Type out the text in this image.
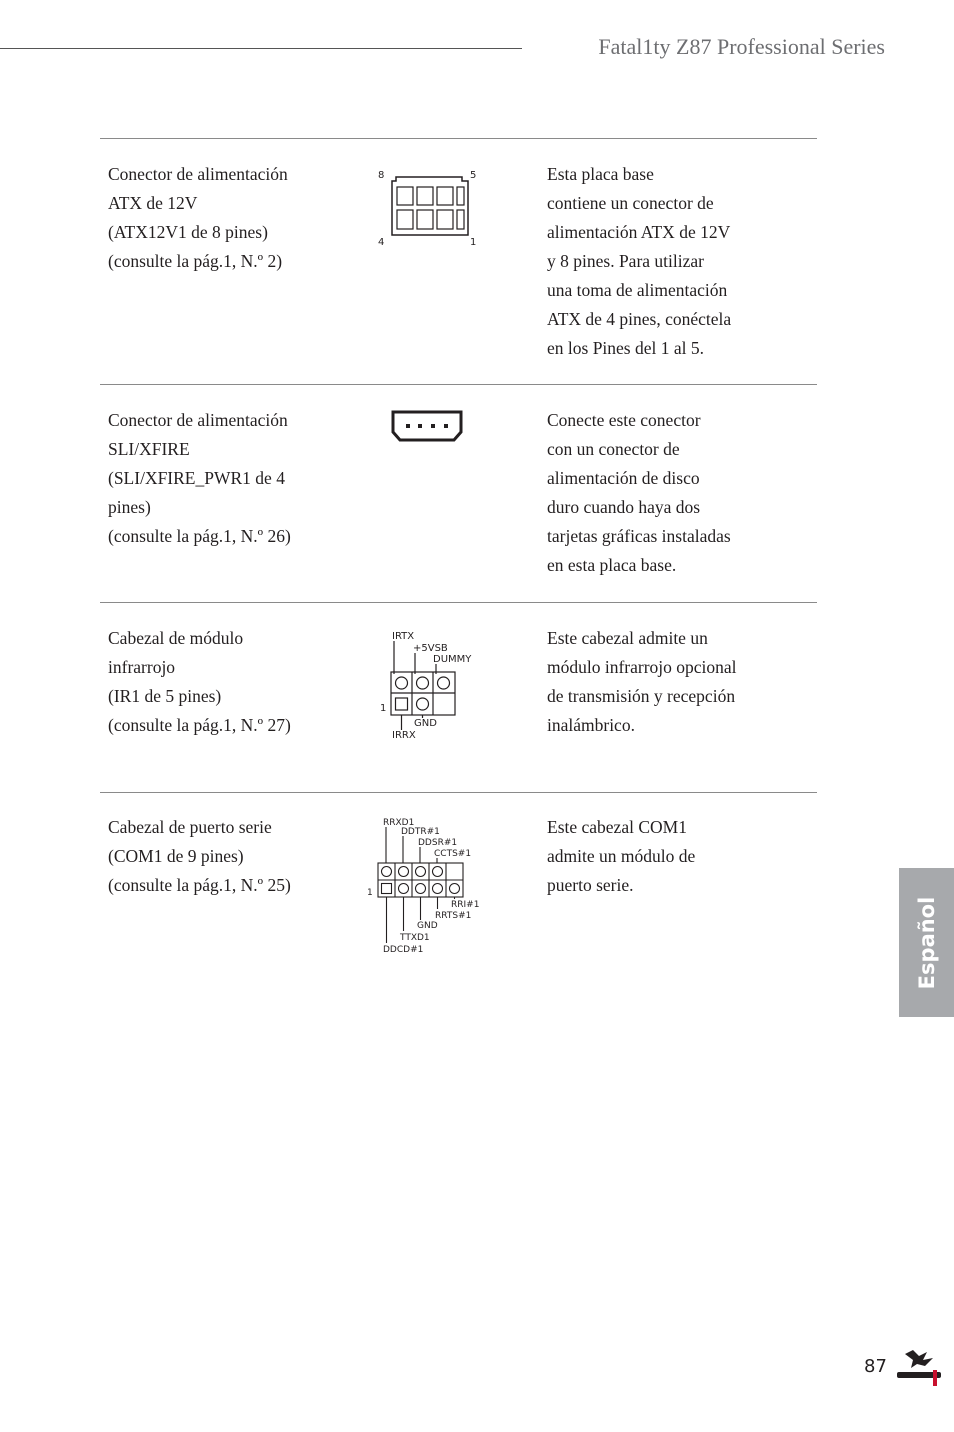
Fatal1ty Z87 Professional Series
Conector de alimentación
ATX de 12V
(ATX12V1 de 8 pines)
(consulte la pág.1, N.º 2)
8	5
4	1
Esta placa base
contiene un conector de
alimentación ATX de 12V
y 8 pines. Para utilizar
una toma de alimentación
ATX de 4 pines, conéctela
en los Pines del 1 al 5.
Conector de alimentación
SLI/XFIRE
(SLI/XFIRE_PWR1 de 4
pines)
(consulte la pág.1, N.º 26)
Conecte este conector
con un conector de
alimentación de disco
duro cuando haya dos
tarjetas gráficas instaladas
en esta placa base.
Cabezal de módulo
infrarrojo
(IR1 de 5 pines)
(consulte la pág.1, N.º 27)
IRTX
+5VSB
DUMMY
1
GND
IRRX
Este cabezal admite un
módulo infrarrojo opcional
de transmisión y recepción
inalámbrico.
Cabezal de puerto serie
(COM1 de 9 pines)
(consulte la pág.1, N.º 25)
RRXD1
DDTR#1
DDSR#1
CCTS#1
1
RRI#1
RRTS#1
GND
TTXD1
DDCD#1
Este cabezal COM1
admite un módulo de
puerto serie.
Español
87
